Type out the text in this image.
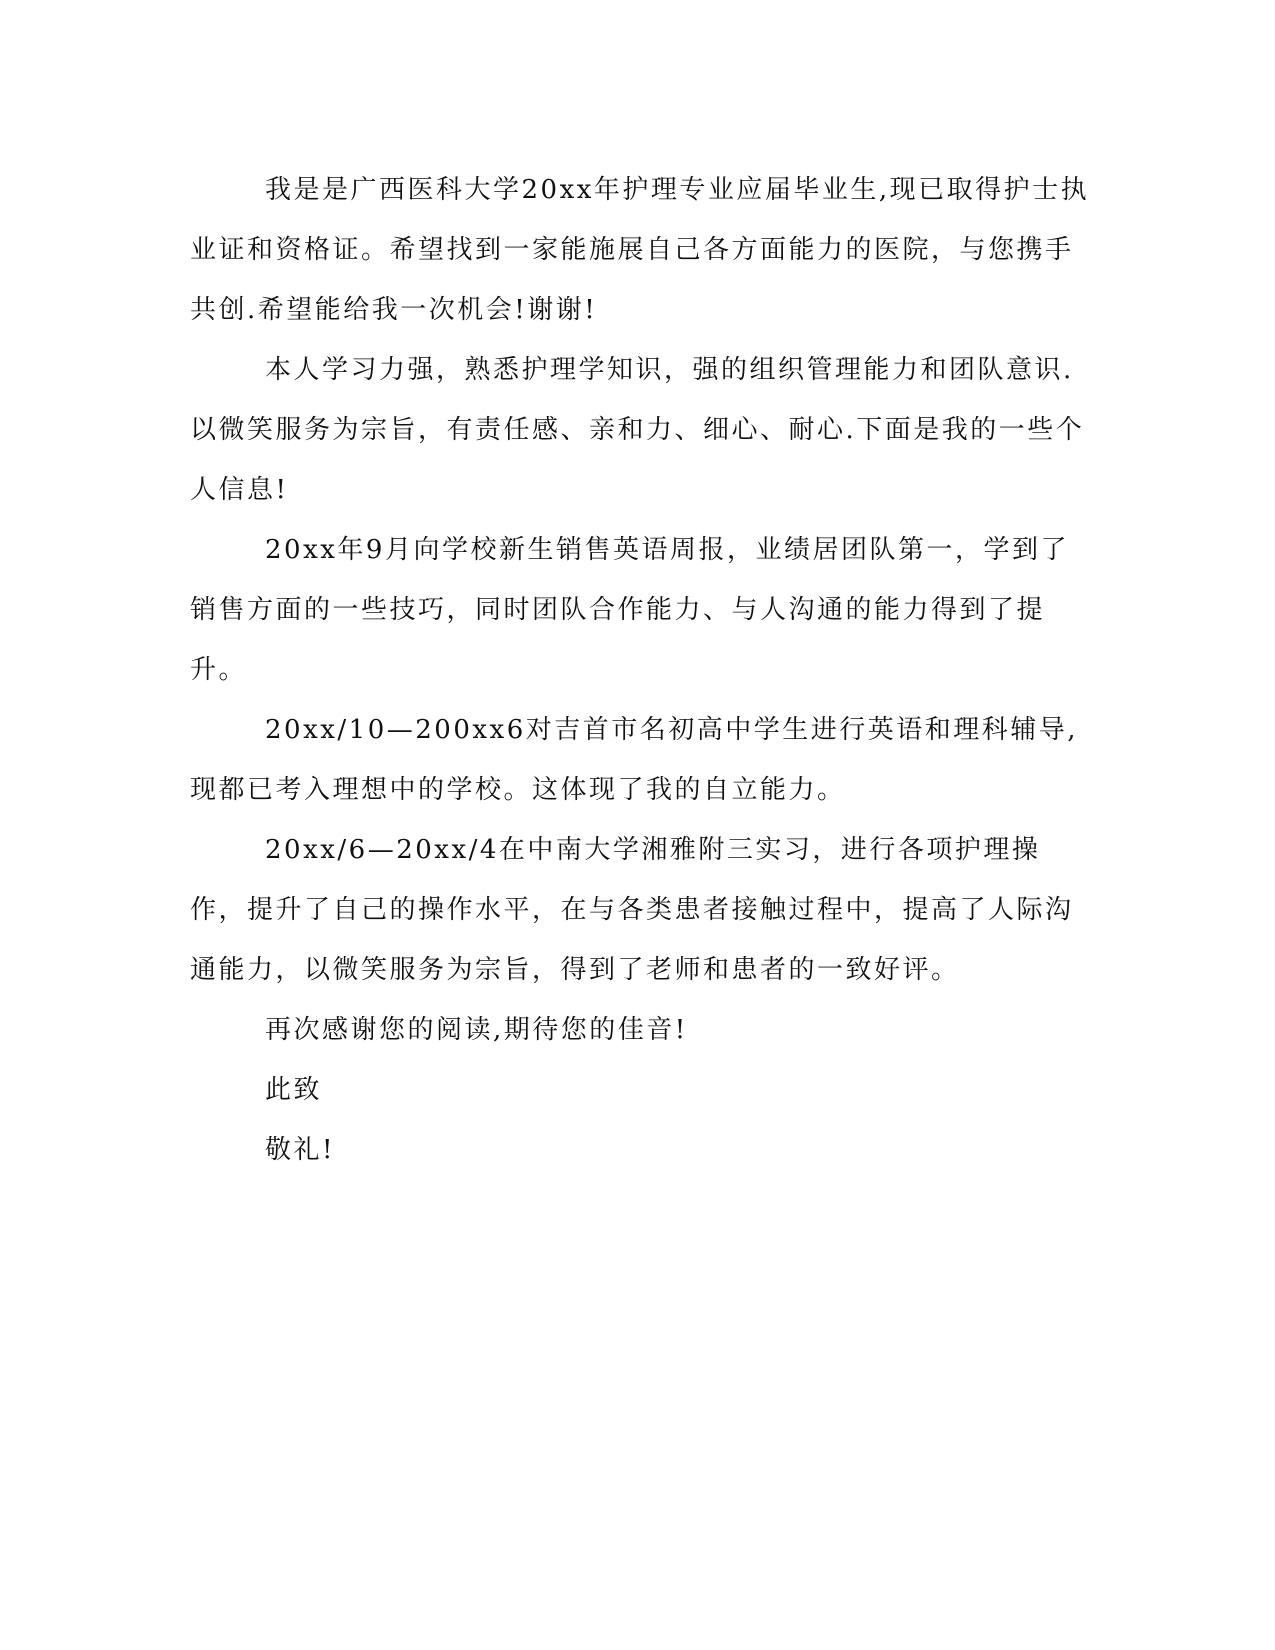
我是是广西医科大学20xx年护理专业应届毕业生,现已取得护士执业证和资格证。希望找到一家能施展自己各方面能力的医院，与您携手共创.希望能给我一次机会!谢谢!

本人学习力强，熟悉护理学知识，强的组织管理能力和团队意识.以微笑服务为宗旨，有责任感、亲和力、细心、耐心.下面是我的一些个人信息!

20xx年9月向学校新生销售英语周报，业绩居团队第一，学到了销售方面的一些技巧，同时团队合作能力、与人沟通的能力得到了提升。

20xx/10—200xx6对吉首市名初高中学生进行英语和理科辅导,现都已考入理想中的学校。这体现了我的自立能力。

20xx/6—20xx/4在中南大学湘雅附三实习，进行各项护理操作，提升了自己的操作水平，在与各类患者接触过程中，提高了人际沟通能力，以微笑服务为宗旨，得到了老师和患者的一致好评。

再次感谢您的阅读,期待您的佳音!

此致

敬礼!
